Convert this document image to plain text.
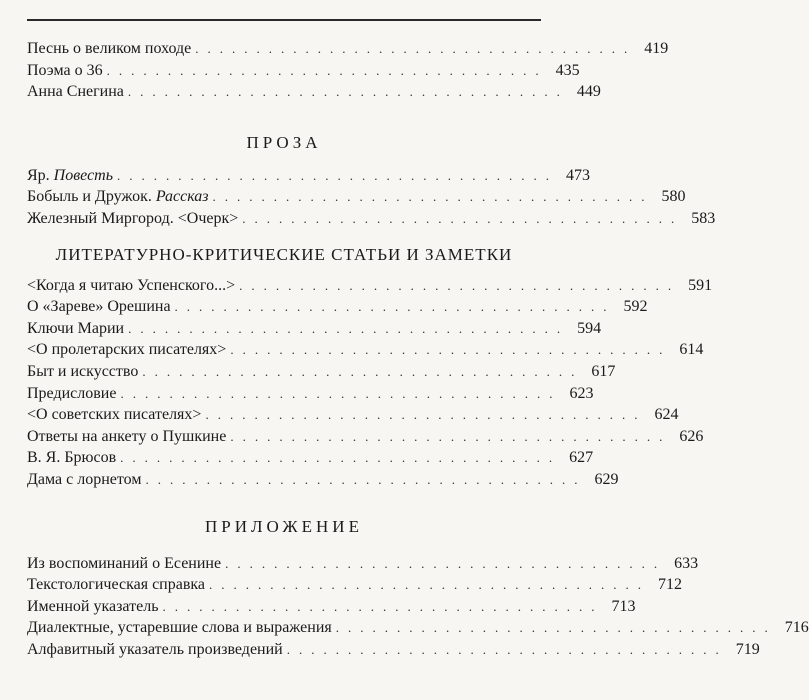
Песнь о великом походе .................................... 419
Поэма о 36 .................................... 435
Анна Снегина .................................... 449
ПРОЗА
Яр. Повесть .................................... 473
Бобыль и Дружок. Рассказ .................................... 580
Железный Миргород. <Очерк> .................................... 583
ЛИТЕРАТУРНО-КРИТИЧЕСКИЕ СТАТЬИ И ЗАМЕТКИ
<Когда я читаю Успенского...> .................................... 591
О «Зареве» Орешина .................................... 592
Ключи Марии .................................... 594
<О пролетарских писателях> .................................... 614
Быт и искусство .................................... 617
Предисловие .................................... 623
<О советских писателях> .................................... 624
Ответы на анкету о Пушкине .................................... 626
В. Я. Брюсов .................................... 627
Дама с лорнетом .................................... 629
ПРИЛОЖЕНИЕ
Из воспоминаний о Есенине .................................... 633
Текстологическая справка .................................... 712
Именной указатель .................................... 713
Диалектные, устаревшие слова и выражения .................................... 716
Алфавитный указатель произведений .................................... 719
